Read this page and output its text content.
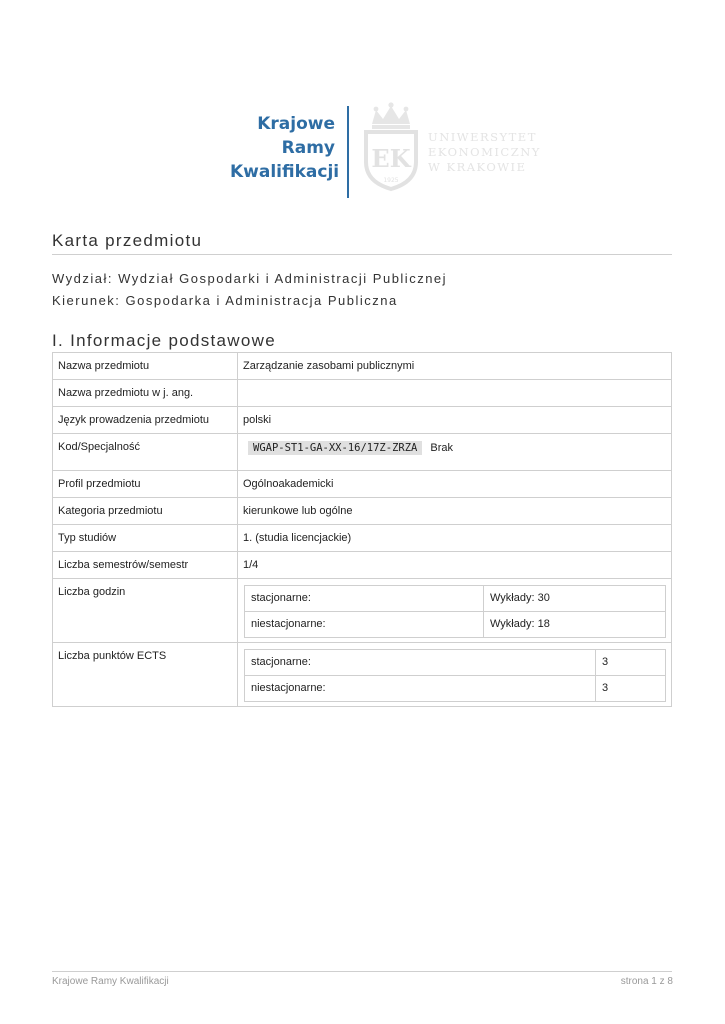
Krajowe
Ramy
Kwalifikacji EK
1925
UNIWERSYTET
EKONOMICZNY
W KRAKOWIE
Karta przedmiotu
Wydział: Wydział Gospodarki i Administracji Publicznej
Kierunek: Gospodarka i Administracja Publiczna
I. Informacje podstawowe
Nazwa przedmiotu	Zarządzanie zasobami publicznymi
Nazwa przedmiotu w j. ang.	
Język prowadzenia przedmiotu	polski
Kod/Specjalność	WGAP-ST1-GA-XX-16/17Z-ZRZA Brak
Profil przedmiotu	Ogólnoakademicki
Kategoria przedmiotu	kierunkowe lub ogólne
Typ studiów	1. (studia licencjackie)
Liczba semestrów/semestr	1/4
Liczba godzin		stacjonarne:	Wykłady: 30
niestacjonarne:	Wykłady: 18

Liczba punktów ECTS		stacjonarne:	3
niestacjonarne:	3
Krajowe Ramy Kwalifikacji	strona 1 z 8
